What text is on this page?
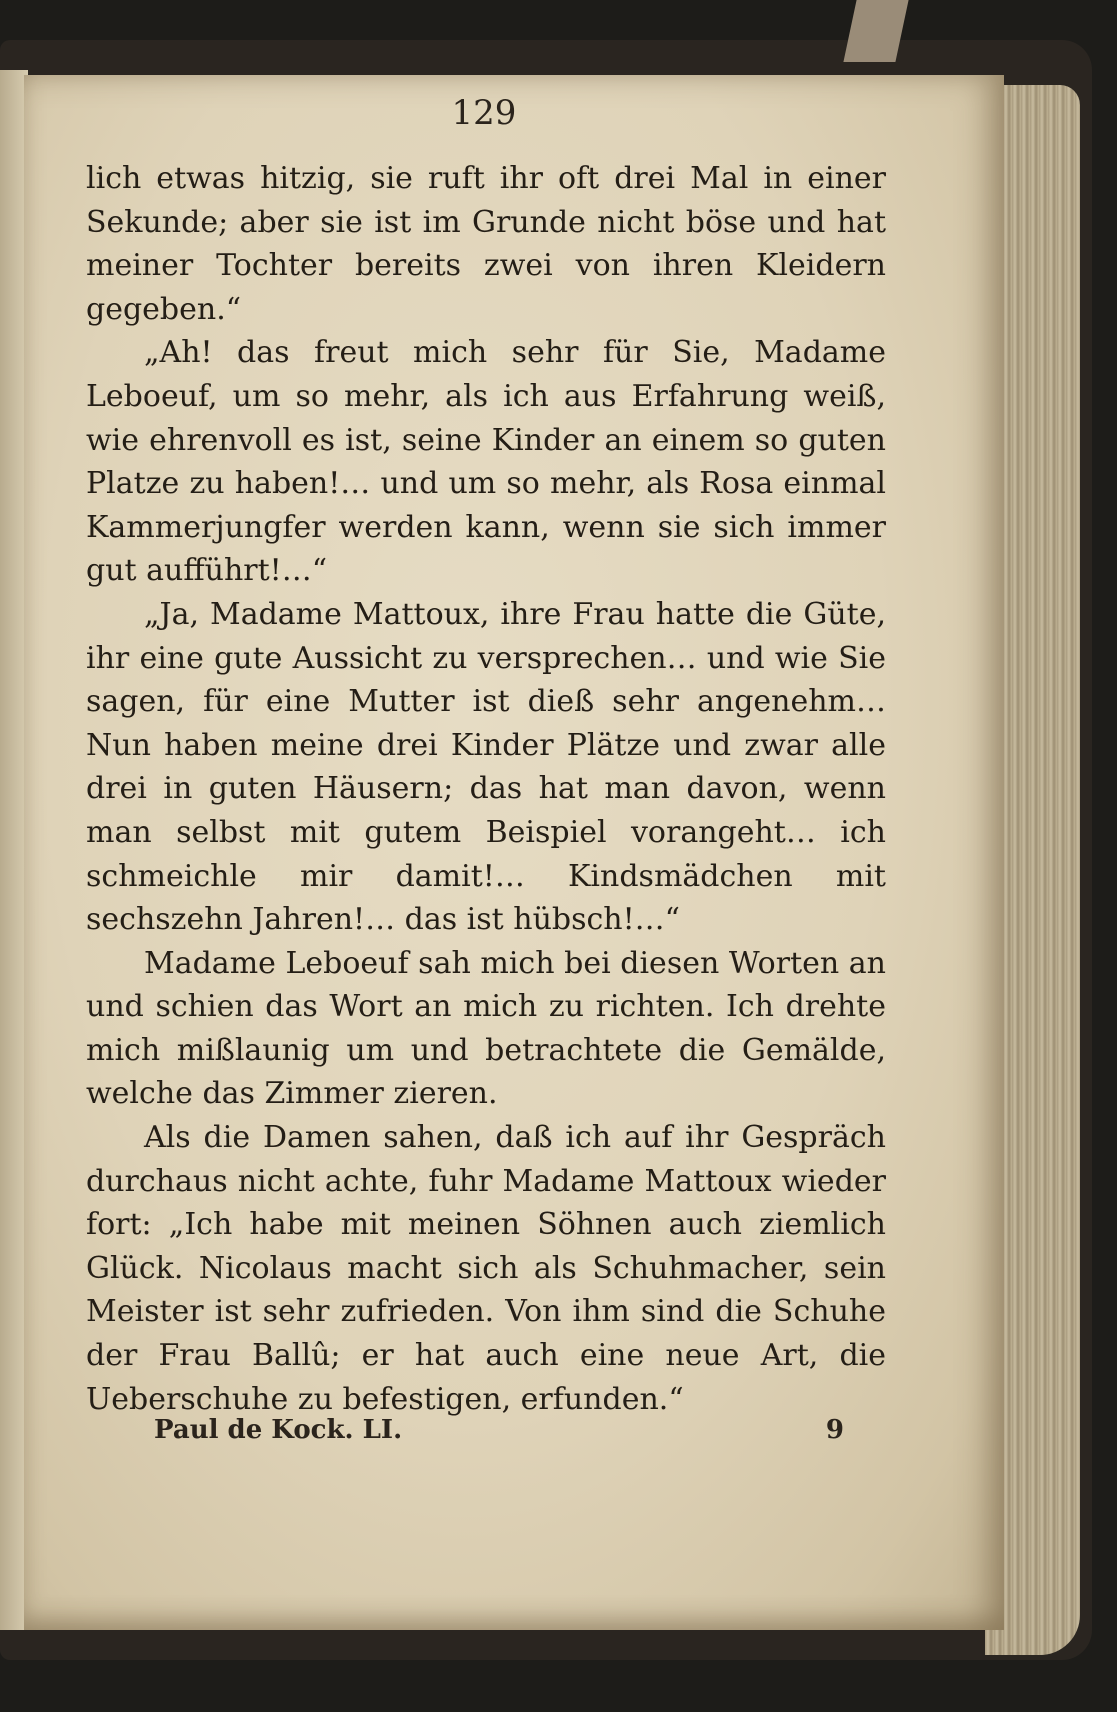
129

lich etwas hitzig, sie ruft ihr oft drei Mal in einer Sekunde; aber sie ist im Grunde nicht böse und hat meiner Tochter bereits zwei von ihren Kleidern gegeben.“

„Ah! das freut mich sehr für Sie, Madame Leboeuf, um so mehr, als ich aus Erfahrung weiß, wie ehrenvoll es ist, seine Kinder an einem so guten Platze zu haben!… und um so mehr, als Rosa einmal Kammerjungfer werden kann, wenn sie sich immer gut aufführt!…“

„Ja, Madame Mattoux, ihre Frau hatte die Güte, ihr eine gute Aussicht zu versprechen… und wie Sie sagen, für eine Mutter ist dieß sehr angenehm… Nun haben meine drei Kinder Plätze und zwar alle drei in guten Häusern; das hat man davon, wenn man selbst mit gutem Beispiel vorangeht… ich schmeichle mir damit!… Kindsmädchen mit sechszehn Jahren!… das ist hübsch!…“

Madame Leboeuf sah mich bei diesen Worten an und schien das Wort an mich zu richten. Ich drehte mich mißlaunig um und betrachtete die Gemälde, welche das Zimmer zieren.

Als die Damen sahen, daß ich auf ihr Gespräch durchaus nicht achte, fuhr Madame Mattoux wieder fort: „Ich habe mit meinen Söhnen auch ziemlich Glück. Nicolaus macht sich als Schuhmacher, sein Meister ist sehr zufrieden. Von ihm sind die Schuhe der Frau Ballû; er hat auch eine neue Art, die Ueberschuhe zu befestigen, erfunden.“

Paul de Kock. LI.	9
